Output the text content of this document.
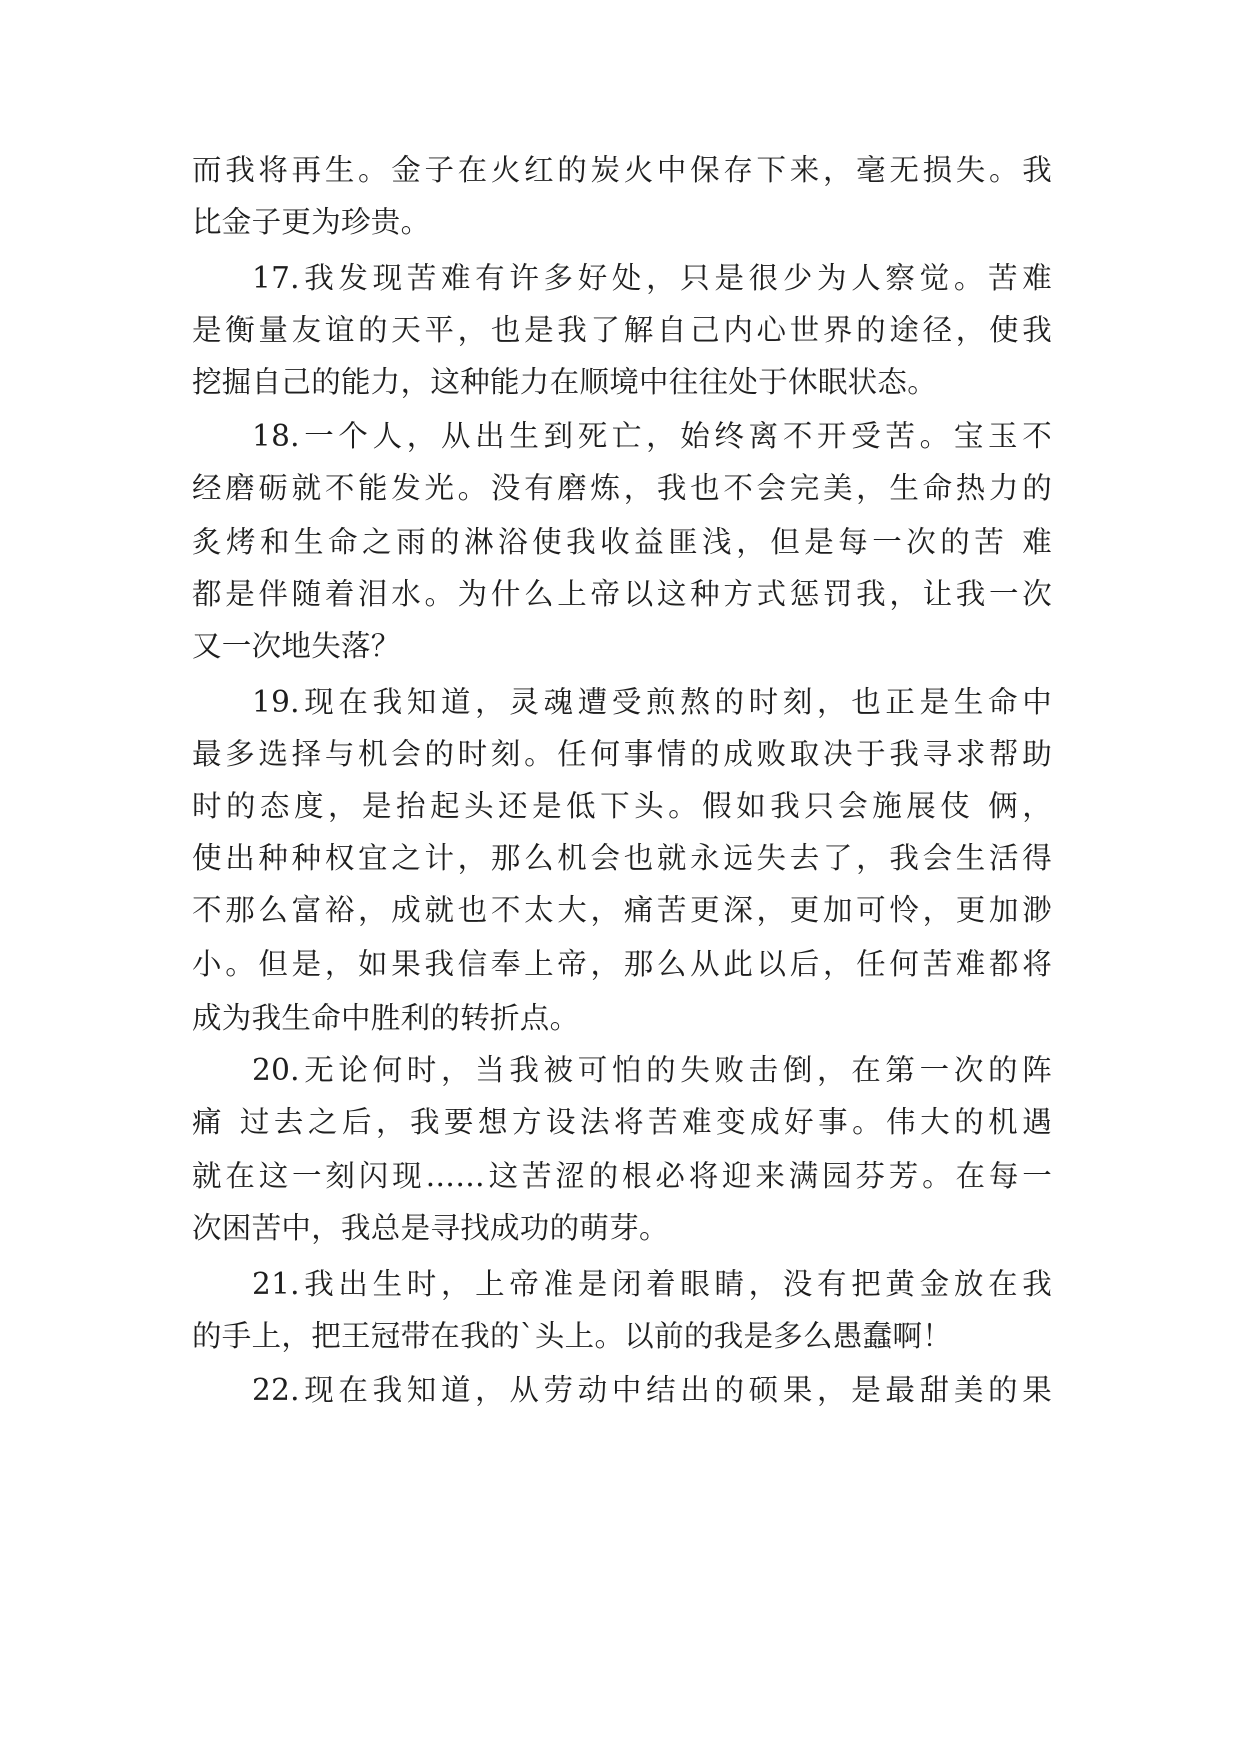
而我将再生。金子在火红的炭火中保存下来，毫无损失。我
比金子更为珍贵。
17.我发现苦难有许多好处，只是很少为人察觉。苦难
是衡量友谊的天平，也是我了解自己内心世界的途径，使我
挖掘自己的能力，这种能力在顺境中往往处于休眠状态。
18.一个人，从出生到死亡，始终离不开受苦。宝玉不
经磨砺就不能发光。没有磨炼，我也不会完美，生命热力的
炙烤和生命之雨的淋浴使我收益匪浅，但是每一次的苦 难
都是伴随着泪水。为什么上帝以这种方式惩罚我，让我一次
又一次地失落？
19.现在我知道，灵魂遭受煎熬的时刻，也正是生命中
最多选择与机会的时刻。任何事情的成败取决于我寻求帮助
时的态度，是抬起头还是低下头。假如我只会施展伎 俩，
使出种种权宜之计，那么机会也就永远失去了，我会生活得
不那么富裕，成就也不太大，痛苦更深，更加可怜，更加渺
小。但是，如果我信奉上帝，那么从此以后，任何苦难都将
成为我生命中胜利的转折点。
20.无论何时，当我被可怕的失败击倒，在第一次的阵
痛 过去之后，我要想方设法将苦难变成好事。伟大的机遇
就在这一刻闪现……这苦涩的根必将迎来满园芬芳。在每一
次困苦中，我总是寻找成功的萌芽。
21.我出生时，上帝准是闭着眼睛，没有把黄金放在我
的手上，把王冠带在我的`头上。以前的我是多么愚蠢啊！
22.现在我知道，从劳动中结出的硕果，是最甜美的果
